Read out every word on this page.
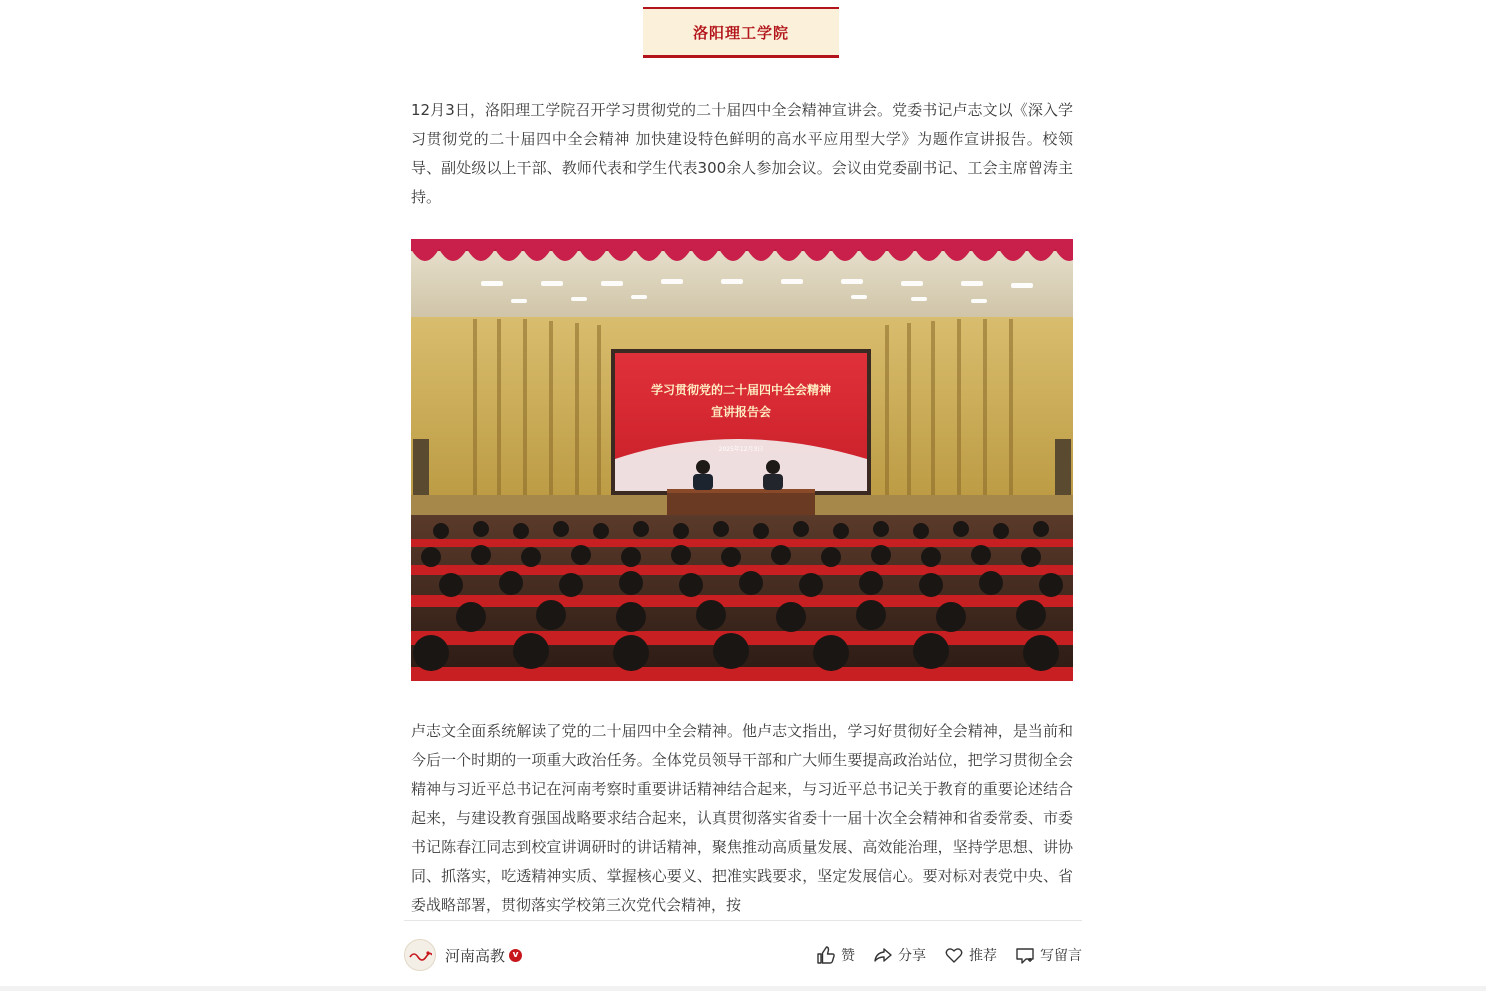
洛阳理工学院

12月3日，洛阳理工学院召开学习贯彻党的二十届四中全会精神宣讲会。党委书记卢志文以《深入学习贯彻党的二十届四中全会精神 加快建设特色鲜明的高水平应用型大学》为题作宣讲报告。校领导、副处级以上干部、教师代表和学生代表300余人参加会议。会议由党委副书记、工会主席曾涛主持。

学习贯彻党的二十届四中全会精神
宣讲报告会
2025年12月3日

卢志文全面系统解读了党的二十届四中全会精神。他卢志文指出，学习好贯彻好全会精神，是当前和今后一个时期的一项重大政治任务。全体党员领导干部和广大师生要提高政治站位，把学习贯彻全会精神与习近平总书记在河南考察时重要讲话精神结合起来，与习近平总书记关于教育的重要论述结合起来，与建设教育强国战略要求结合起来，认真贯彻落实省委十一届十次全会精神和省委常委、市委书记陈春江同志到校宣讲调研时的讲话精神，聚焦推动高质量发展、高效能治理，坚持学思想、讲协同、抓落实，吃透精神实质、掌握核心要义、把准实践要求，坚定发展信心。要对标对表党中央、省委战略部署，贯彻落实学校第三次党代会精神，按

河南高教 v	赞	分享	推荐	写留言
